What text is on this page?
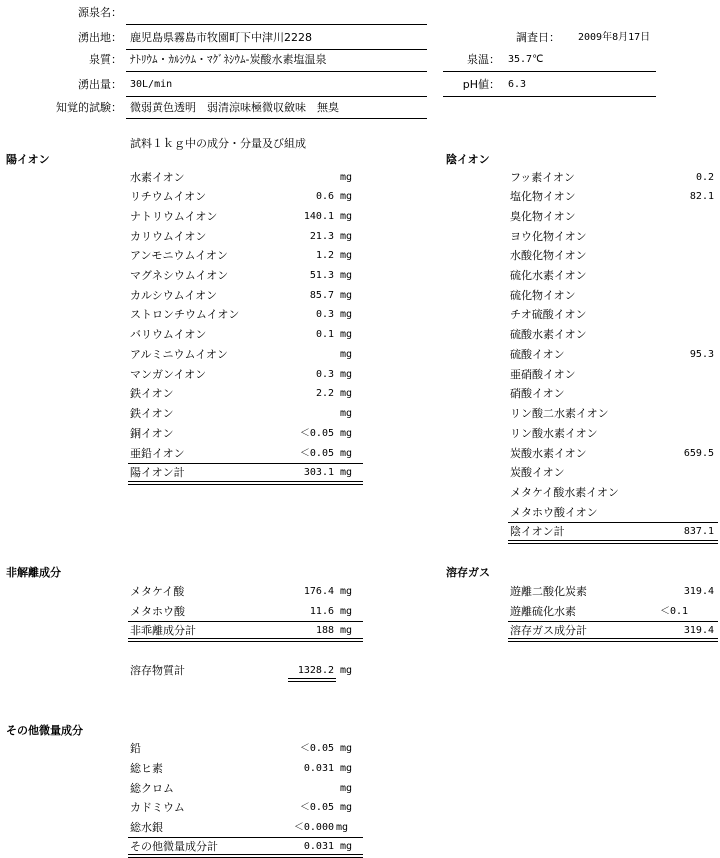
源泉名：
湧出地： 鹿児島県霧島市牧園町下中津川2228
泉質： ﾅﾄﾘｳﾑ・ｶﾙｼｳﾑ・ﾏｸﾞﾈｼｳﾑ-炭酸水素塩温泉
湧出量： 30L/min
知覚的試験： 微弱黄色透明　弱清涼味極微収斂味　無臭
調査日： 2009年8月17日
泉温： 35.7℃
pH値： 6.3
試料１ｋｇ中の成分・分量及び組成
陽イオン	陰イオン
非解離成分	溶存ガス
その他微量成分
水素イオン	mg
リチウムイオン	0.6 mg
ナトリウムイオン	140.1 mg
カリウムイオン	21.3 mg
アンモニウムイオン	1.2 mg
マグネシウムイオン	51.3 mg
カルシウムイオン	85.7 mg
ストロンチウムイオン	0.3 mg
バリウムイオン	0.1 mg
アルミニウムイオン	mg
マンガンイオン	0.3 mg
鉄イオン	2.2 mg
鉄イオン	mg
銅イオン	＜0.05 mg
亜鉛イオン	＜0.05 mg
陽イオン計	303.1 mg
フッ素イオン	0.2
塩化物イオン	82.1
臭化物イオン
ヨウ化物イオン
水酸化物イオン
硫化水素イオン
硫化物イオン
チオ硫酸イオン
硫酸水素イオン
硫酸イオン	95.3
亜硝酸イオン
硝酸イオン
リン酸二水素イオン
リン酸水素イオン
炭酸水素イオン	659.5
炭酸イオン
メタケイ酸水素イオン
メタホウ酸イオン
陰イオン計	837.1
メタケイ酸	176.4 mg
メタホウ酸	11.6 mg
非乖離成分計	188 mg
溶存物質計	1328.2 mg
遊離二酸化炭素	319.4
遊離硫化水素	＜0.1
溶存ガス成分計	319.4
鉛	＜0.05 mg
総ヒ素	0.031 mg
総クロム	mg
カドミウム	＜0.05 mg
総水銀	＜0.000 mg
その他微量成分計	0.031 mg
